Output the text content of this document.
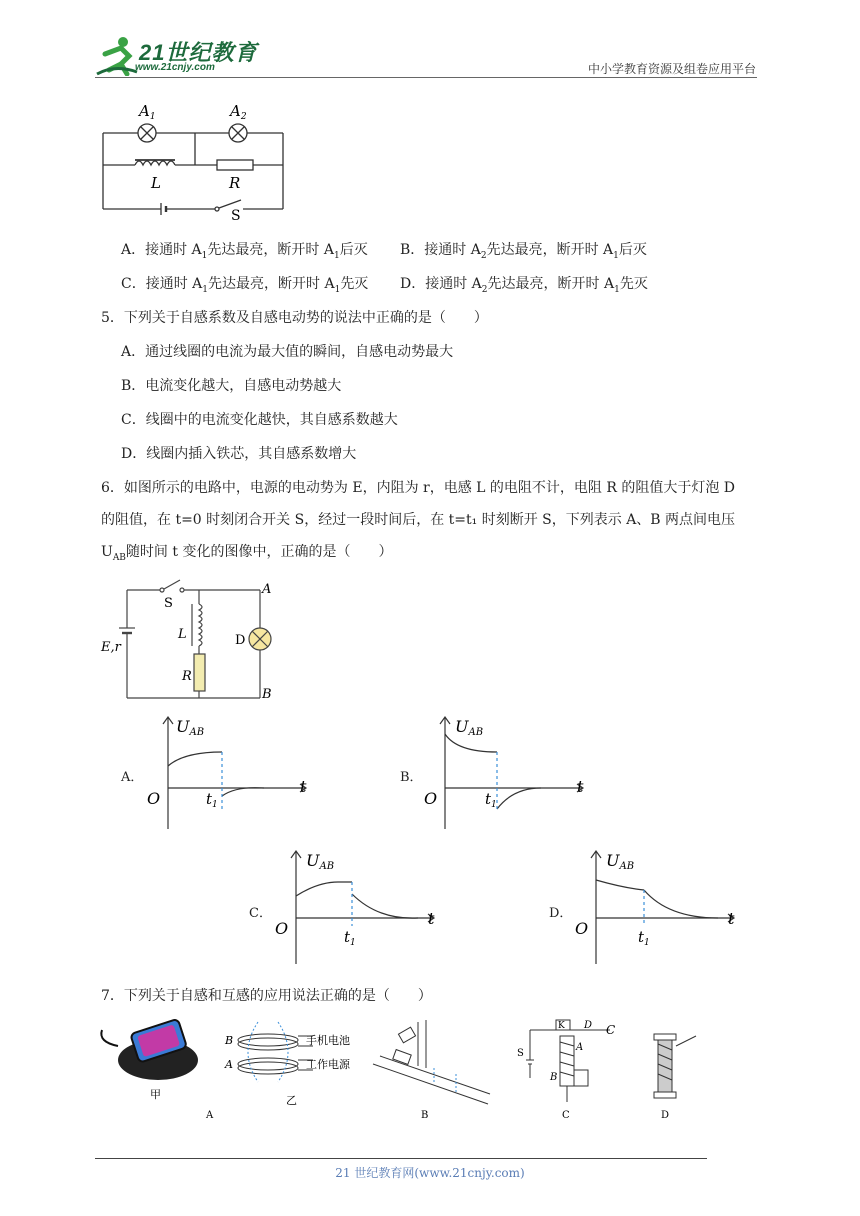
21世纪教育
www.21cnjy.com	中小学教育资源及组卷应用平台
$A_1$	$A_2$
L	R
S
A．接通时 $A_1$先达最亮，断开时 $A_1$后灭 B．接通时 $A_2$先达最亮，断开时 $A_1$后灭
C．接通时 $A_1$先达最亮，断开时 $A_1$先灭 D．接通时 $A_2$先达最亮，断开时 $A_1$先灭
5．下列关于自感系数及自感电动势的说法中正确的是（　　）
A．通过线圈的电流为最大值的瞬间，自感电动势最大
B．电流变化越大，自感电动势越大
C．线圈中的电流变化越快，其自感系数越大
D．线圈内插入铁芯，其自感系数增大
6．如图所示的电路中，电源的电动势为 E，内阻为 r，电感 L 的电阻不计，电阻 R 的阻值大于灯泡 D
的阻值，在 t=0 时刻闭合开关 S，经过一段时间后，在 t=t₁ 时刻断开 S，下列表示 A、B 两点间电压
$U_{AB}$随时间 t 变化的图像中，正确的是（　　）
S
A
B
L
R
D
E,r
A．
UAB
O	$t_1$
t	B．
UAB
O	$t_1$
t
C．
UAB
O	$t_1$
t	D．
UAB
O	$t_1$
t
7．下列关于自感和互感的应用说法正确的是（　　）
甲
B
A
手机电池
工作电源
乙
A	B
K D C
S
A
B
C	D
21 世纪教育网(www.21cnjy.com)
